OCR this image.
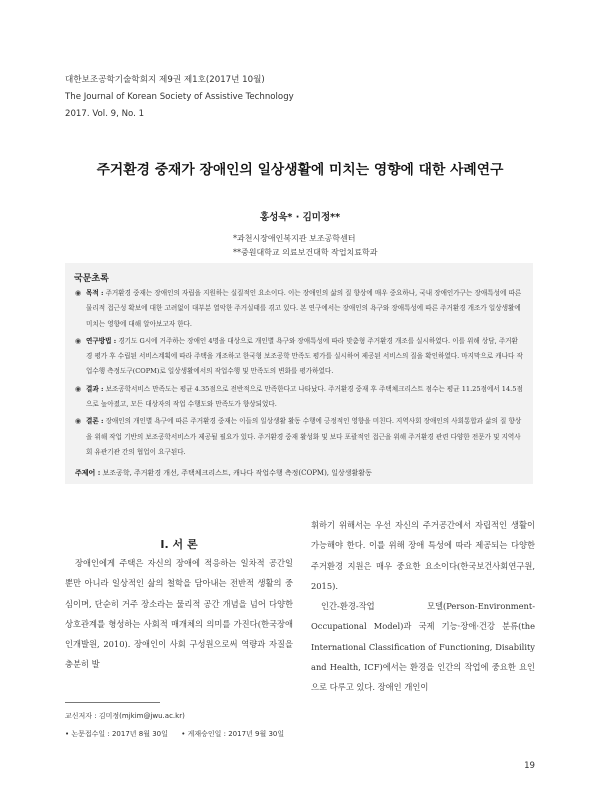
대한보조공학기술학회지 제9권 제1호(2017년 10월)
The Journal of Korean Society of Assistive Technology
2017. Vol. 9, No. 1
주거환경 중재가 장애인의 일상생활에 미치는 영향에 대한 사례연구
홍성욱* · 김미정**
*과천시장애인복지관 보조공학센터
**중원대학교 의료보건대학 작업치료학과
국문초록
◉ 목적 : 주거환경 중재는 장애인의 자립을 지원하는 실질적인 요소이다. 이는 장애인의 삶의 질 향상에 매우 중요하나, 국내 장애인가구는 장애특성에 따른 물리적 접근성 확보에 대한 고려없이 대부분 열악한 주거실태를 겪고 있다. 본 연구에서는 장애인의 욕구와 장애특성에 따른 주거환경 개조가 일상생활에 미치는 영향에 대해 알아보고자 한다.
◉ 연구방법 : 경기도 G시에 거주하는 장애인 4명을 대상으로 개인별 욕구와 장애특성에 따라 맞춤형 주거환경 개조를 실시하였다. 이를 위해 상담, 주거환경 평가 후 수립된 서비스계획에 따라 주택을 개조하고 한국형 보조공학 만족도 평가를 실시하여 제공된 서비스의 질을 확인하였다. 마지막으로 캐나다 작업수행 측정도구(COPM)로 일상생활에서의 작업수행 및 만족도의 변화를 평가하였다.
◉ 결과 : 보조공학서비스 만족도는 평균 4.35점으로 전반적으로 만족한다고 나타났다. 주거환경 중재 후 주택체크리스트 점수는 평균 11.25점에서 14.5점으로 높아졌고, 모든 대상자의 작업 수행도와 만족도가 향상되었다.
◉ 결론 : 장애인의 개인별 욕구에 따른 주거환경 중재는 이들의 일상생활 활동 수행에 긍정적인 영향을 미친다. 지역사회 장애인의 사회통합과 삶의 질 향상을 위해 작업 기반의 보조공학서비스가 제공될 필요가 있다. 주거환경 중재 활성화 및 보다 포괄적인 접근을 위해 주거환경 관련 다양한 전문가 및 지역사회 유관기관 간의 협업이 요구된다.
주제어 : 보조공학, 주거환경 개선, 주택체크리스트, 캐나다 작업수행 측정(COPM), 일상생활활동
I. 서 론
장애인에게 주택은 자신의 장애에 적응하는 일차적 공간일 뿐만 아니라 일상적인 삶의 철학을 담아내는 전반적 생활의 중심이며, 단순히 거주 장소라는 물리적 공간 개념을 넘어 다양한 상호관계를 형성하는 사회적 매개체의 의미를 가진다(한국장애인개발원, 2010). 장애인이 사회 구성원으로써 역량과 자질을 충분히 발

휘하기 위해서는 우선 자신의 주거공간에서 자립적인 생활이 가능해야 한다. 이를 위해 장애 특성에 따라 제공되는 다양한 주거환경 지원은 매우 중요한 요소이다(한국보건사회연구원, 2015).

인간-환경-작업 모델(Person-Environment-Occupational Model)과 국제 기능·장애·건강 분류(the International Classification of Functioning, Disability and Health, ICF)에서는 환경을 인간의 작업에 중요한 요인으로 다루고 있다. 장애인 개인이

교신저자 : 김미정(mjkim@jwu.ac.kr)
• 논문접수일 : 2017년 8월 30일 • 게재승인일 : 2017년 9월 30일
19
